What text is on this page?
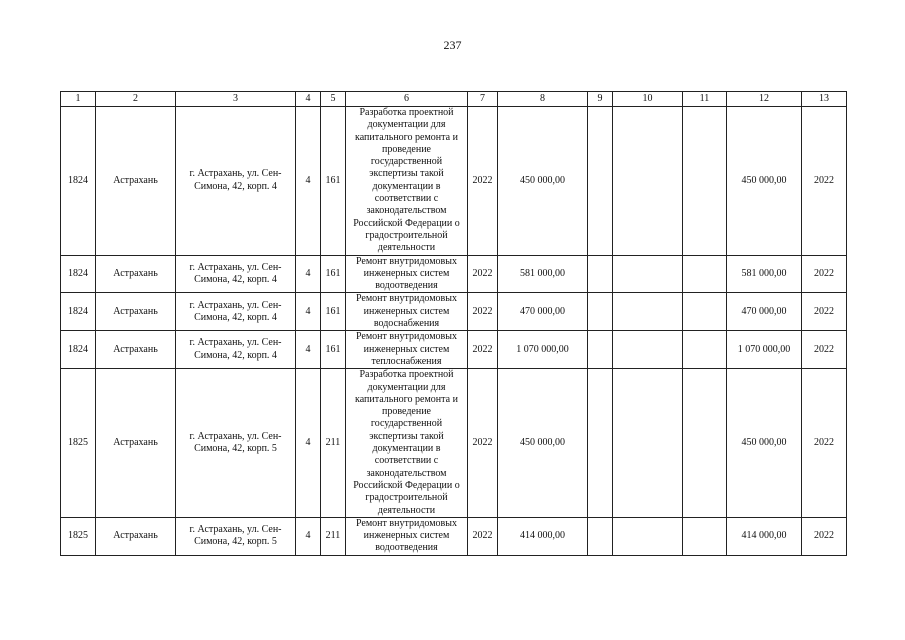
237
1	2	3	4	5	6	7	8	9	10	11	12	13
1824	Астрахань	г. Астрахань, ул. Сен-Симона, 42, корп. 4	4	161	Разработка проектной документации для капитального ремонта и проведение государственной экспертизы такой документации в соответствии с законодательством Российской Федерации о градостроительной деятельности	2022	450 000,00				450 000,00	2022
1824	Астрахань	г. Астрахань, ул. Сен-Симона, 42, корп. 4	4	161	Ремонт внутридомовых инженерных систем водоотведения	2022	581 000,00				581 000,00	2022
1824	Астрахань	г. Астрахань, ул. Сен-Симона, 42, корп. 4	4	161	Ремонт внутридомовых инженерных систем водоснабжения	2022	470 000,00				470 000,00	2022
1824	Астрахань	г. Астрахань, ул. Сен-Симона, 42, корп. 4	4	161	Ремонт внутридомовых инженерных систем теплоснабжения	2022	1 070 000,00				1 070 000,00	2022
1825	Астрахань	г. Астрахань, ул. Сен-Симона, 42, корп. 5	4	211	Разработка проектной документации для капитального ремонта и проведение государственной экспертизы такой документации в соответствии с законодательством Российской Федерации о градостроительной деятельности	2022	450 000,00				450 000,00	2022
1825	Астрахань	г. Астрахань, ул. Сен-Симона, 42, корп. 5	4	211	Ремонт внутридомовых инженерных систем водоотведения	2022	414 000,00				414 000,00	2022
